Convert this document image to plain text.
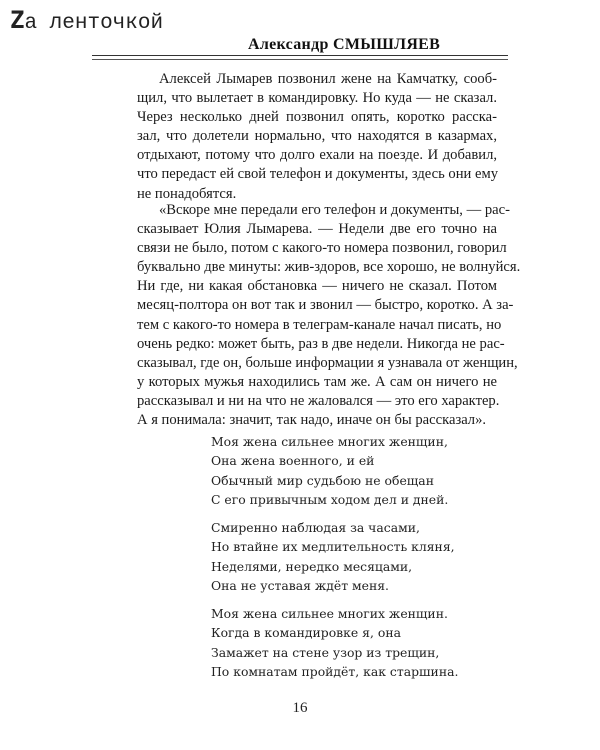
Zа ленточкой
Александр СМЫШЛЯЕВ
Алексей Лымарев позвонил жене на Камчатку, сооб-
щил, что вылетает в командировку. Но куда — не сказал.
Через несколько дней позвонил опять, коротко расска-
зал, что долетели нормально, что находятся в казармах,
отдыхают, потому что долго ехали на поезде. И добавил,
что передаст ей свой телефон и документы, здесь они ему
не понадобятся.
«Вскоре мне передали его телефон и документы, — рас-
сказывает Юлия Лымарева. — Недели две его точно на
связи не было, потом с какого-то номера позвонил, говорил
буквально две минуты: жив-здоров, все хорошо, не волнуйся.
Ни где, ни какая обстановка — ничего не сказал. Потом
месяц-полтора он вот так и звонил — быстро, коротко. А за-
тем с какого-то номера в телеграм-канале начал писать, но
очень редко: может быть, раз в две недели. Никогда не рас-
сказывал, где он, больше информации я узнавала от женщин,
у которых мужья находились там же. А сам он ничего не
рассказывал и ни на что не жаловался — это его характер.
А я понимала: значит, так надо, иначе он бы рассказал».
Моя жена сильнее многих женщин,
Она жена военного, и ей
Обычный мир судьбою не обещан
С его привычным ходом дел и дней.
Смиренно наблюдая за часами,
Но втайне их медлительность кляня,
Неделями, нередко месяцами,
Она не уставая ждёт меня.
Моя жена сильнее многих женщин.
Когда в командировке я, она
Замажет на стене узор из трещин,
По комнатам пройдёт, как старшина.
16
